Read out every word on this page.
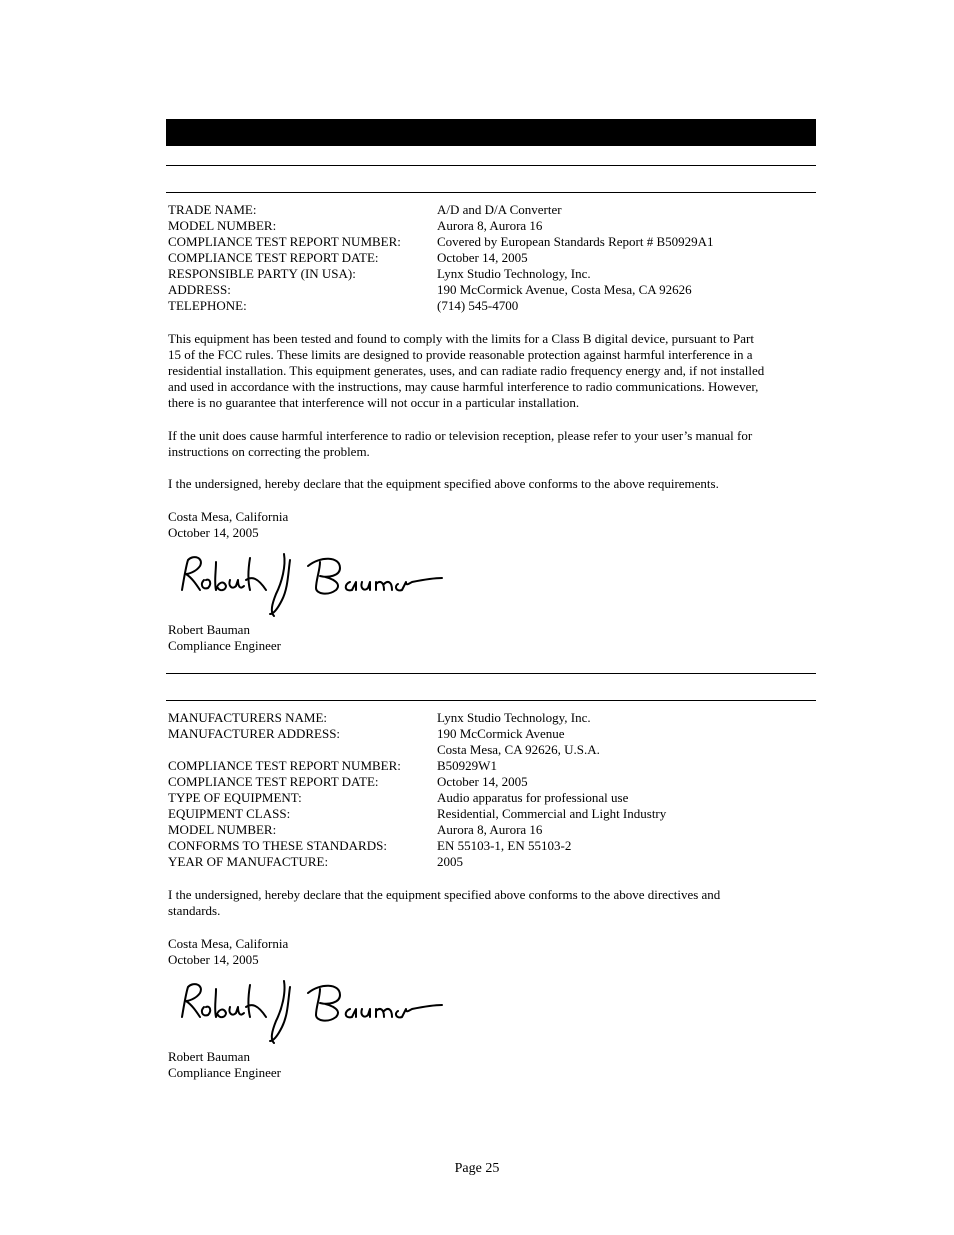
TRADE NAME:	A/D and D/A Converter
MODEL NUMBER:	Aurora 8, Aurora 16
COMPLIANCE TEST REPORT NUMBER:	Covered by European Standards Report # B50929A1
COMPLIANCE TEST REPORT DATE:	October 14, 2005
RESPONSIBLE PARTY (IN USA):	Lynx Studio Technology, Inc.
ADDRESS:	190 McCormick Avenue, Costa Mesa, CA 92626
TELEPHONE:	(714) 545-4700
This equipment has been tested and found to comply with the limits for a Class B digital device, pursuant to Part
15 of the FCC rules. These limits are designed to provide reasonable protection against harmful interference in a
residential installation. This equipment generates, uses, and can radiate radio frequency energy and, if not installed
and used in accordance with the instructions, may cause harmful interference to radio communications. However,
there is no guarantee that interference will not occur in a particular installation.
If the unit does cause harmful interference to radio or television reception, please refer to your user’s manual for
instructions on correcting the problem.
I the undersigned, hereby declare that the equipment specified above conforms to the above requirements.
Costa Mesa, California
October 14, 2005
Robert Bauman
Compliance Engineer
MANUFACTURERS NAME:	Lynx Studio Technology, Inc.
MANUFACTURER ADDRESS:	190 McCormick Avenue
Costa Mesa, CA 92626, U.S.A.
COMPLIANCE TEST REPORT NUMBER:	B50929W1
COMPLIANCE TEST REPORT DATE:	October 14, 2005
TYPE OF EQUIPMENT:	Audio apparatus for professional use
EQUIPMENT CLASS:	Residential, Commercial and Light Industry
MODEL NUMBER:	Aurora 8, Aurora 16
CONFORMS TO THESE STANDARDS:	EN 55103-1, EN 55103-2
YEAR OF MANUFACTURE:	2005
I the undersigned, hereby declare that the equipment specified above conforms to the above directives and
standards.
Costa Mesa, California
October 14, 2005
Robert Bauman
Compliance Engineer
Page 25
